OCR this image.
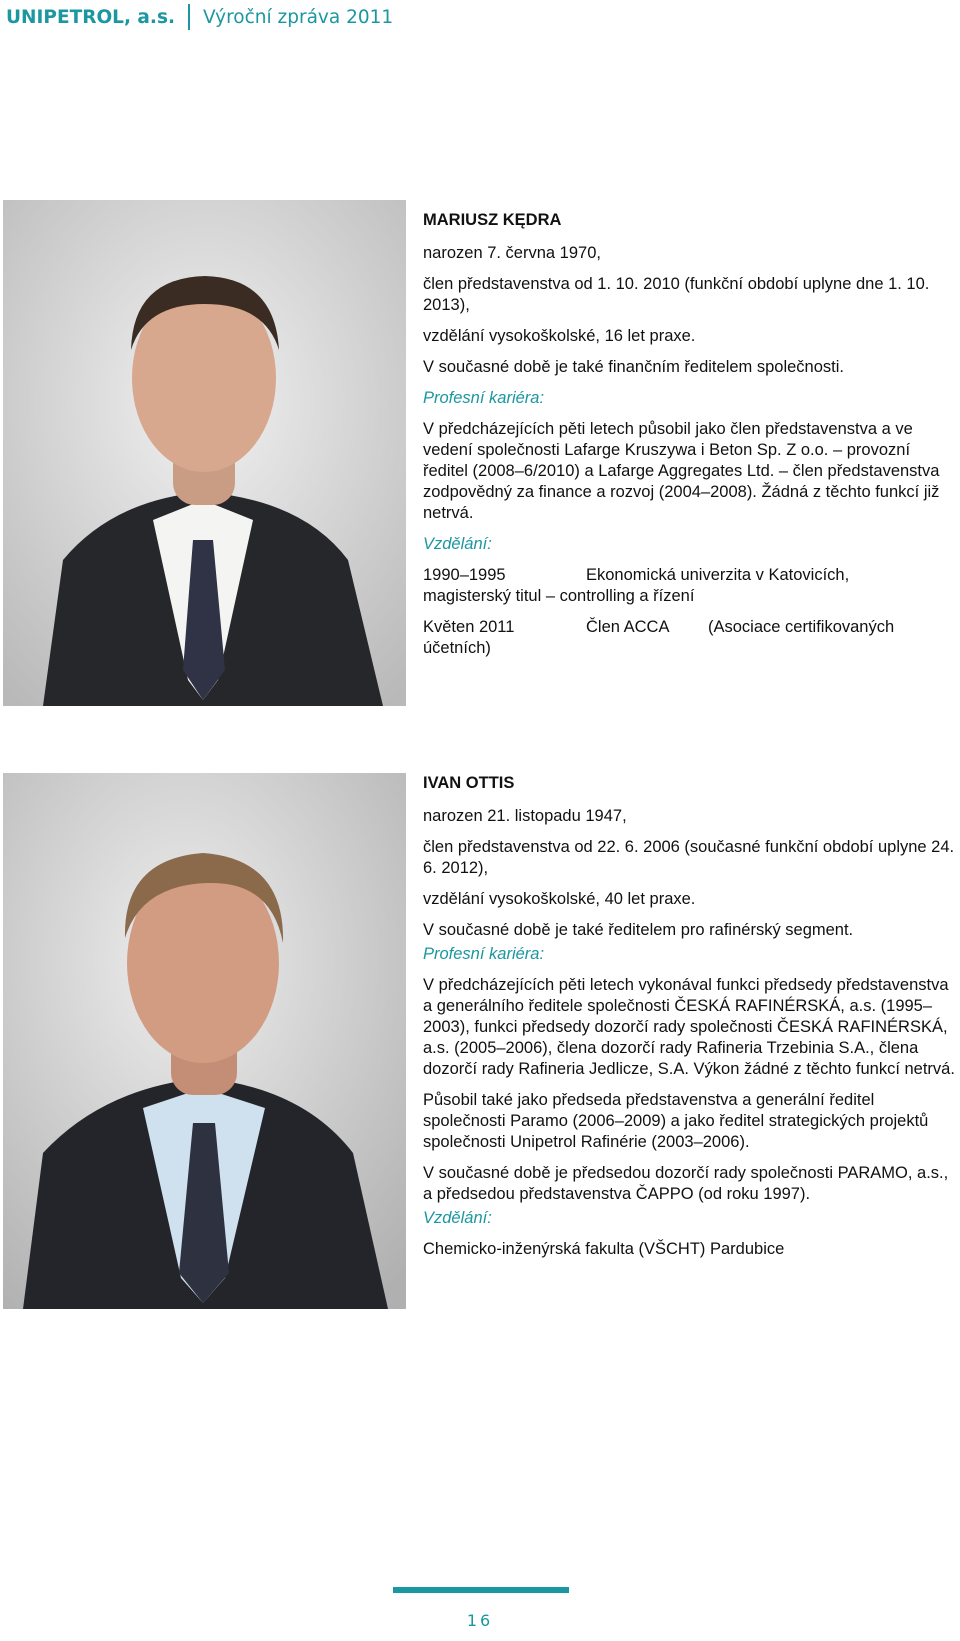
UNIPETROL, a.s. Výroční zpráva 2011

MARIUSZ KĘDRA

narozen 7. června 1970,

člen představenstva od 1. 10. 2010 (funkční období uplyne dne 1. 10. 2013),

vzdělání vysokoškolské, 16 let praxe.

V současné době je také finančním ředitelem společnosti.

Profesní kariéra:

V předcházejících pěti letech působil jako člen představenstva a ve vedení společnosti Lafarge Kruszywa i Beton Sp. Z o.o. – provozní ředitel (2008–6/2010) a Lafarge Aggregates Ltd. – člen představenstva zodpovědný za finance a rozvoj (2004–2008). Žádná z těchto funkcí již netrvá.

Vzdělání:

1990–1995	Ekonomická univerzita v Katovicích,

magisterský titul – controlling a řízení

Květen 2011	Člen ACCA	(Asociace certifikovaných

účetních)

IVAN OTTIS

narozen 21. listopadu 1947,

člen představenstva od 22. 6. 2006 (současné funkční období uplyne 24. 6. 2012),

vzdělání vysokoškolské, 40 let praxe.

V současné době je také ředitelem pro rafinérský segment.

Profesní kariéra:

V předcházejících pěti letech vykonával funkci předsedy představenstva a generálního ředitele společnosti ČESKÁ RAFINÉRSKÁ, a.s. (1995–2003), funkci předsedy dozorčí rady společnosti ČESKÁ RAFINÉRSKÁ, a.s. (2005–2006), člena dozorčí rady Rafineria Trzebinia S.A., člena dozorčí rady Rafineria Jedlicze, S.A. Výkon žádné z těchto funkcí netrvá.

Působil také jako předseda představenstva a generální ředitel společnosti Paramo (2006–2009) a jako ředitel strategických projektů společnosti Unipetrol Rafinérie (2003–2006).

V současné době je předsedou dozorčí rady společnosti PARAMO, a.s., a předsedou představenstva ČAPPO (od roku 1997).

Vzdělání:

Chemicko-inženýrská fakulta (VŠCHT) Pardubice

16
